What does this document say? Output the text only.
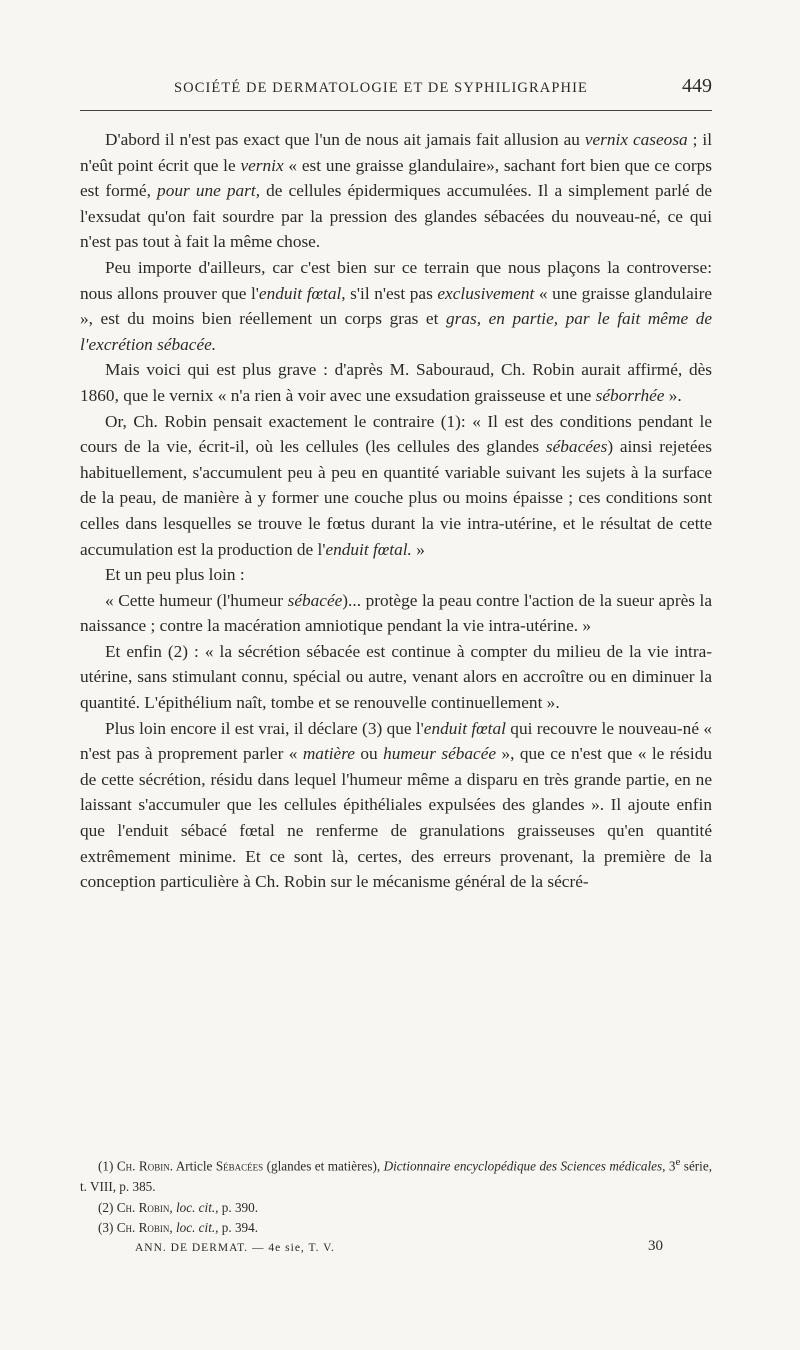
SOCIÉTÉ DE DERMATOLOGIE ET DE SYPHILIGRAPHIE	449

D'abord il n'est pas exact que l'un de nous ait jamais fait allusion au vernix caseosa ; il n'eût point écrit que le vernix « est une graisse glandulaire», sachant fort bien que ce corps est formé, pour une part, de cellules épidermiques accumulées. Il a simplement parlé de l'exsudat qu'on fait sourdre par la pression des glandes sébacées du nouveau-né, ce qui n'est pas tout à fait la même chose.

Peu importe d'ailleurs, car c'est bien sur ce terrain que nous plaçons la controverse: nous allons prouver que l'enduit fœtal, s'il n'est pas exclusivement « une graisse glandulaire », est du moins bien réellement un corps gras et gras, en partie, par le fait même de l'excrétion sébacée.

Mais voici qui est plus grave : d'après M. Sabouraud, Ch. Robin aurait affirmé, dès 1860, que le vernix « n'a rien à voir avec une exsudation graisseuse et une séborrhée ».

Or, Ch. Robin pensait exactement le contraire (1): « Il est des conditions pendant le cours de la vie, écrit-il, où les cellules (les cellules des glandes sébacées) ainsi rejetées habituellement, s'accumulent peu à peu en quantité variable suivant les sujets à la surface de la peau, de manière à y former une couche plus ou moins épaisse ; ces conditions sont celles dans lesquelles se trouve le fœtus durant la vie intra-utérine, et le résultat de cette accumulation est la production de l'enduit fœtal. »

Et un peu plus loin :

« Cette humeur (l'humeur sébacée)... protège la peau contre l'action de la sueur après la naissance ; contre la macération amniotique pendant la vie intra-utérine. »

Et enfin (2) : « la sécrétion sébacée est continue à compter du milieu de la vie intra-utérine, sans stimulant connu, spécial ou autre, venant alors en accroître ou en diminuer la quantité. L'épithélium naît, tombe et se renouvelle continuellement ».

Plus loin encore il est vrai, il déclare (3) que l'enduit fœtal qui recouvre le nouveau-né « n'est pas à proprement parler « matière ou humeur sébacée », que ce n'est que « le résidu de cette sécrétion, résidu dans lequel l'humeur même a disparu en très grande partie, en ne laissant s'accumuler que les cellules épithéliales expulsées des glandes ». Il ajoute enfin que l'enduit sébacé fœtal ne renferme de granulations graisseuses qu'en quantité extrêmement minime. Et ce sont là, certes, des erreurs provenant, la première de la conception particulière à Ch. Robin sur le mécanisme général de la sécré-

(1) Ch. Robin. Article Sébacées (glandes et matières), Dictionnaire encyclopédique des Sciences médicales, 3e série, t. VIII, p. 385.

(2) Ch. Robin, loc. cit., p. 390.

(3) Ch. Robin, loc. cit., p. 394.

ANN. DE DERMAT. — 4e sie, T. V.	30
